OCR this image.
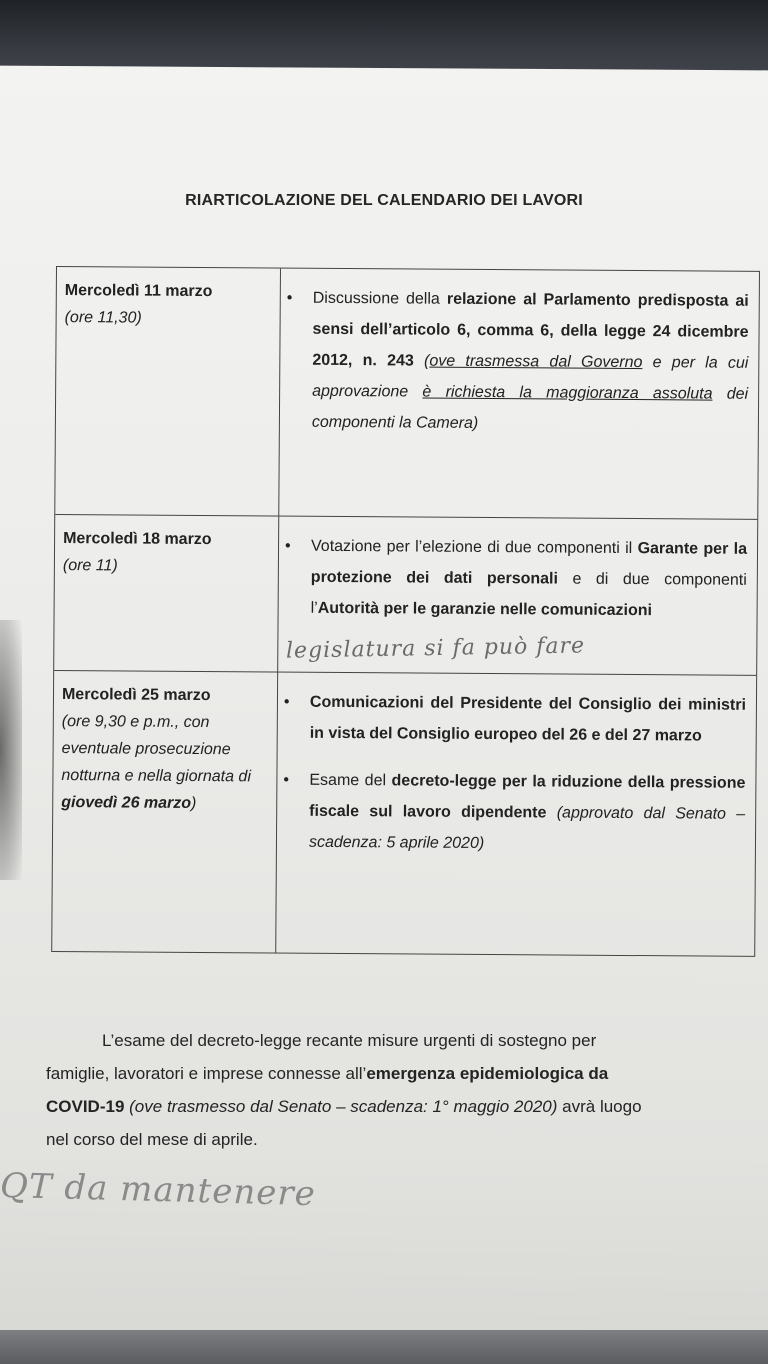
RIARTICOLAZIONE DEL CALENDARIO DEI LAVORI
Mercoledì 11 marzo
(ore 11,30)
• Discussione della relazione al Parlamento predisposta ai sensi dell’articolo 6, comma 6, della legge 24 dicembre 2012, n. 243 (ove trasmessa dal Governo e per la cui approvazione è richiesta la maggioranza assoluta dei componenti la Camera)
Mercoledì 18 marzo
(ore 11)
• Votazione per l’elezione di due componenti il Garante per la protezione dei dati personali e di due componenti l’Autorità per le garanzie nelle comunicazioni
Mercoledì 25 marzo
(ore 9,30 e p.m., con eventuale prosecuzione notturna e nella giornata di giovedì 26 marzo)
• Comunicazioni del Presidente del Consiglio dei ministri in vista del Consiglio europeo del 26 e del 27 marzo
• Esame del decreto-legge per la riduzione della pressione fiscale sul lavoro dipendente (approvato dal Senato – scadenza: 5 aprile 2020)
legislatura si fa può fare
L’esame del decreto-legge recante misure urgenti di sostegno per
famiglie, lavoratori e imprese connesse all’emergenza epidemiologica da
COVID-19 (ove trasmesso dal Senato – scadenza: 1° maggio 2020) avrà luogo
nel corso del mese di aprile.
QT da mantenere
